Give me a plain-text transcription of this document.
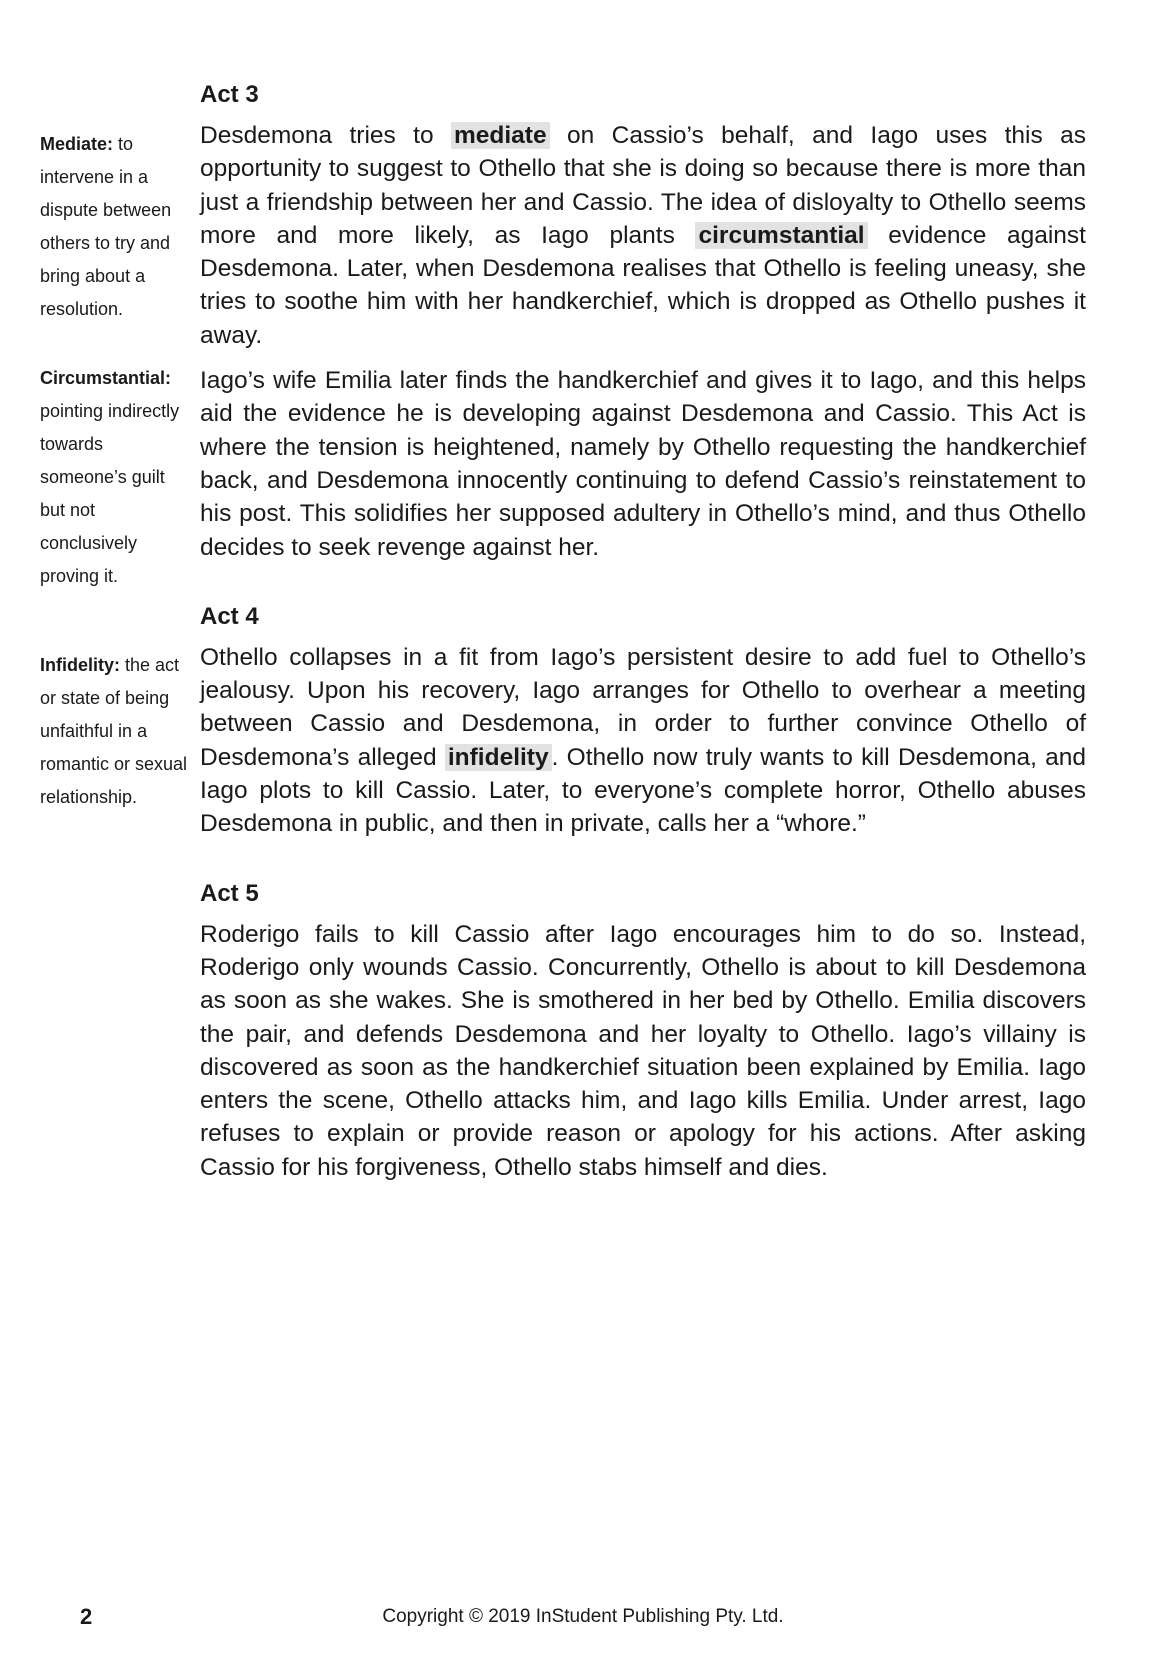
Mediate: to intervene in a dispute between others to try and bring about a resolution.

Circumstantial: pointing indirectly towards someone’s guilt but not conclusively proving it.

Infidelity: the act or state of being unfaithful in a romantic or sexual relationship.

Act 3

Desdemona tries to mediate on Cassio’s behalf, and Iago uses this as opportunity to suggest to Othello that she is doing so because there is more than just a friendship between her and Cassio. The idea of disloyalty to Othello seems more and more likely, as Iago plants circumstantial evidence against Desdemona. Later, when Desdemona realises that Othello is feeling uneasy, she tries to soothe him with her handkerchief, which is dropped as Othello pushes it away.

Iago’s wife Emilia later finds the handkerchief and gives it to Iago, and this helps aid the evidence he is developing against Desdemona and Cassio. This Act is where the tension is heightened, namely by Othello requesting the handkerchief back, and Desdemona innocently continuing to defend Cassio’s reinstatement to his post. This solidifies her supposed adultery in Othello’s mind, and thus Othello decides to seek revenge against her.

Act 4

Othello collapses in a fit from Iago’s persistent desire to add fuel to Othello’s jealousy. Upon his recovery, Iago arranges for Othello to overhear a meeting between Cassio and Desdemona, in order to further convince Othello of Desdemona’s alleged infidelity . Othello now truly wants to kill Desdemona, and Iago plots to kill Cassio. Later, to everyone’s complete horror, Othello abuses Desdemona in public, and then in private, calls her a “whore.”

Act 5

Roderigo fails to kill Cassio after Iago encourages him to do so. Instead, Roderigo only wounds Cassio. Concurrently, Othello is about to kill Desdemona as soon as she wakes. She is smothered in her bed by Othello. Emilia discovers the pair, and defends Desdemona and her loyalty to Othello. Iago’s villainy is discovered as soon as the handkerchief situation been explained by Emilia. Iago enters the scene, Othello attacks him, and Iago kills Emilia. Under arrest, Iago refuses to explain or provide reason or apology for his actions. After asking Cassio for his forgiveness, Othello stabs himself and dies.

2	Copyright © 2019 InStudent Publishing Pty. Ltd.
